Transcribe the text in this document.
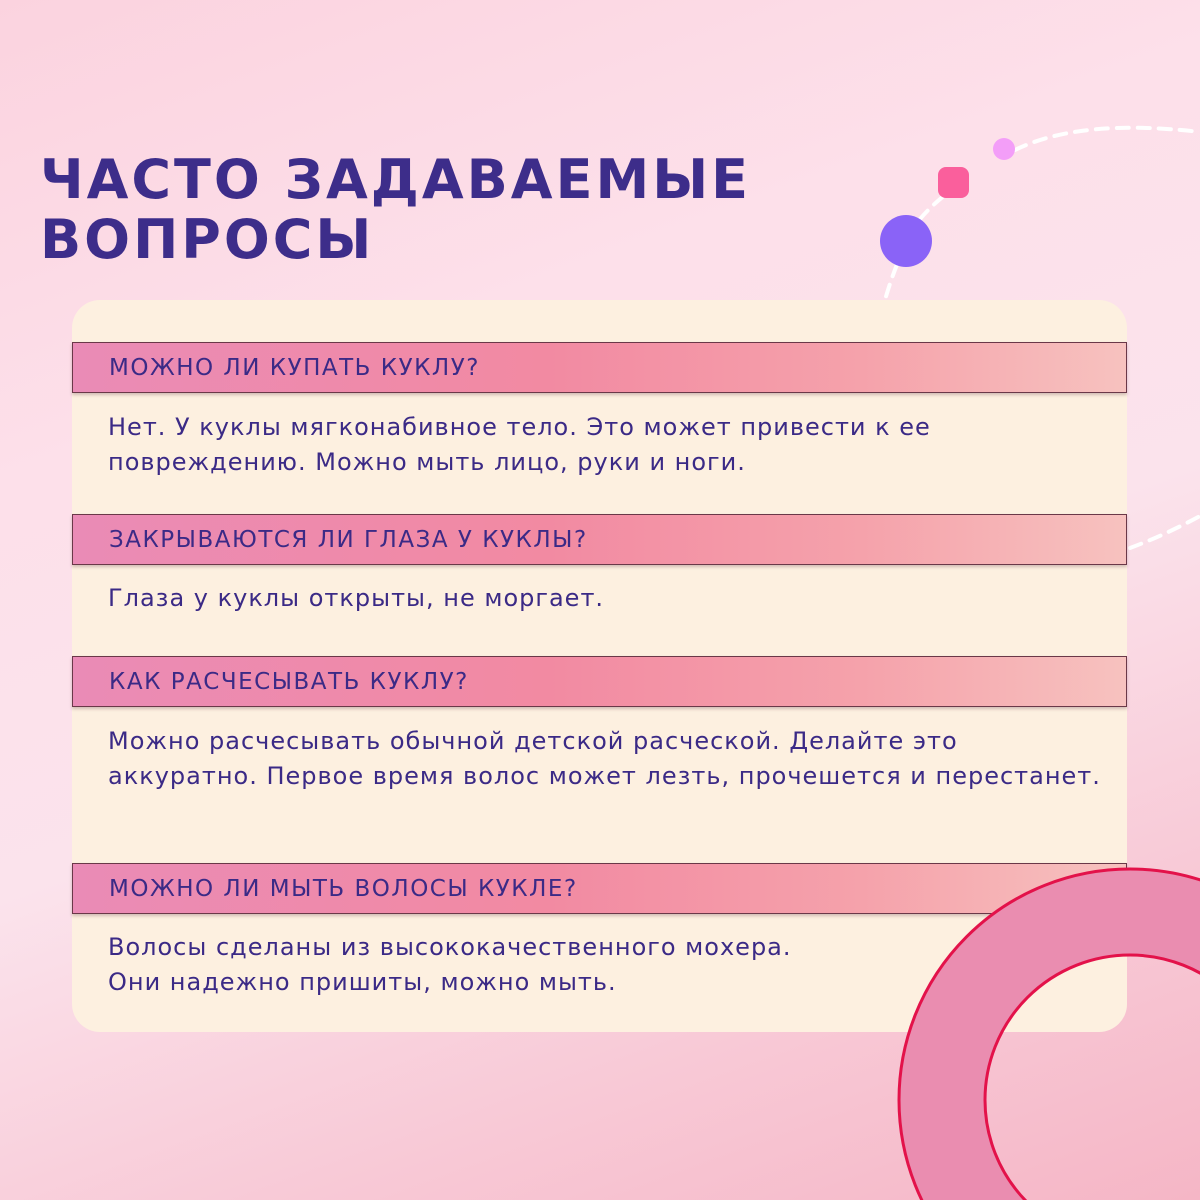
ЧАСТО ЗАДАВАЕМЫЕ ВОПРОСЫ
МОЖНО ЛИ КУПАТЬ КУКЛУ?

Нет. У куклы мягконабивное тело. Это может привести к ее повреждению. Можно мыть лицо, руки и ноги.

ЗАКРЫВАЮТСЯ ЛИ ГЛАЗА У КУКЛЫ?

Глаза у куклы открыты, не моргает.

КАК РАСЧЕСЫВАТЬ КУКЛУ?

Можно расчесывать обычной детской расческой. Делайте это аккуратно. Первое время волос может лезть, прочешется и перестанет.

МОЖНО ЛИ МЫТЬ ВОЛОСЫ КУКЛЕ?

Волосы сделаны из высококачественного мохера. Они надежно пришиты, можно мыть.
